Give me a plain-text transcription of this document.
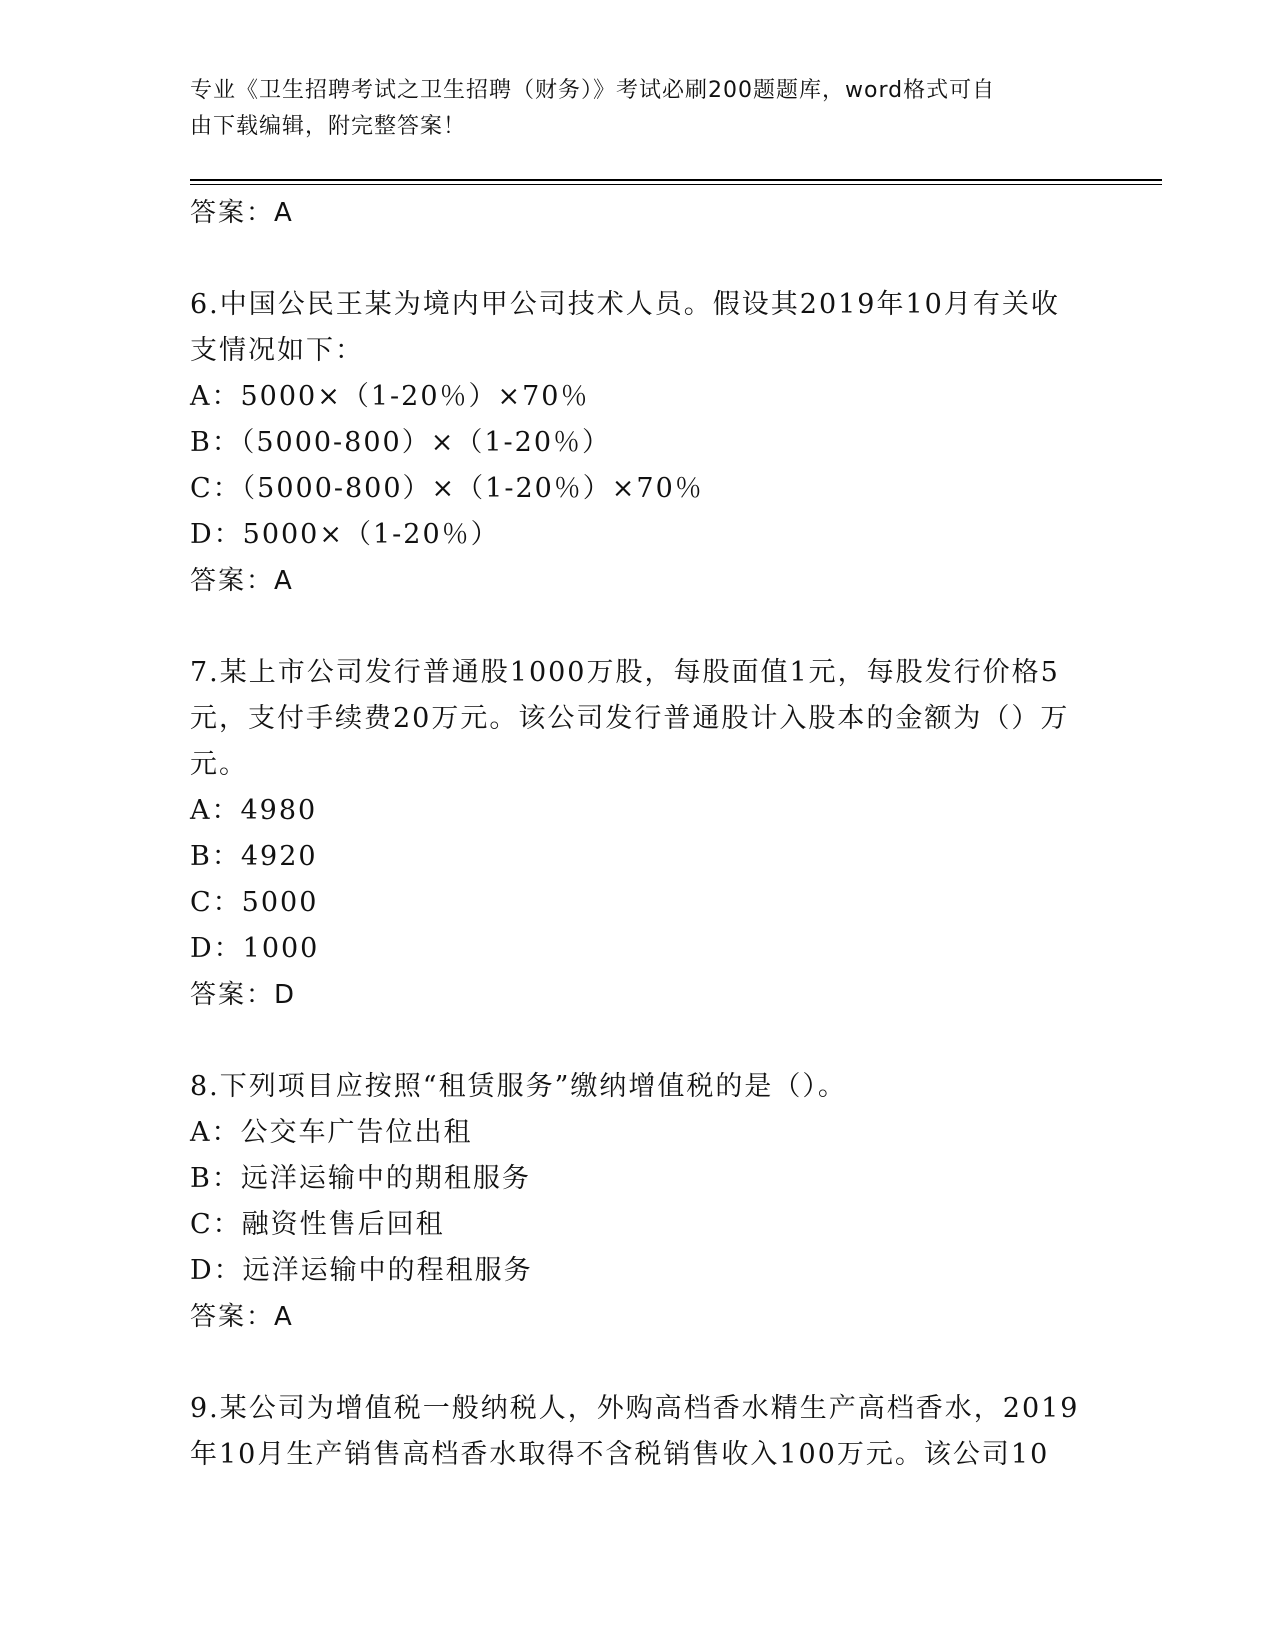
专业《卫生招聘考试之卫生招聘（财务）》考试必刷200题题库，word格式可自
由下载编辑，附完整答案！
答案：A
6.中国公民王某为境内甲公司技术人员。假设其2019年10月有关收
支情况如下：
A：5000×（1-20％）×70％
B：（5000-800）×（1-20％）
C：（5000-800）×（1-20％）×70％
D：5000×（1-20％）
答案：A
7.某上市公司发行普通股1000万股，每股面值1元，每股发行价格5
元，支付手续费20万元。该公司发行普通股计入股本的金额为（）万
元。
A：4980
B：4920
C：5000
D：1000
答案：D
8.下列项目应按照“租赁服务”缴纳增值税的是（）。
A：公交车广告位出租
B：远洋运输中的期租服务
C：融资性售后回租
D：远洋运输中的程租服务
答案：A
9.某公司为增值税一般纳税人，外购高档香水精生产高档香水，2019
年10月生产销售高档香水取得不含税销售收入100万元。该公司10
